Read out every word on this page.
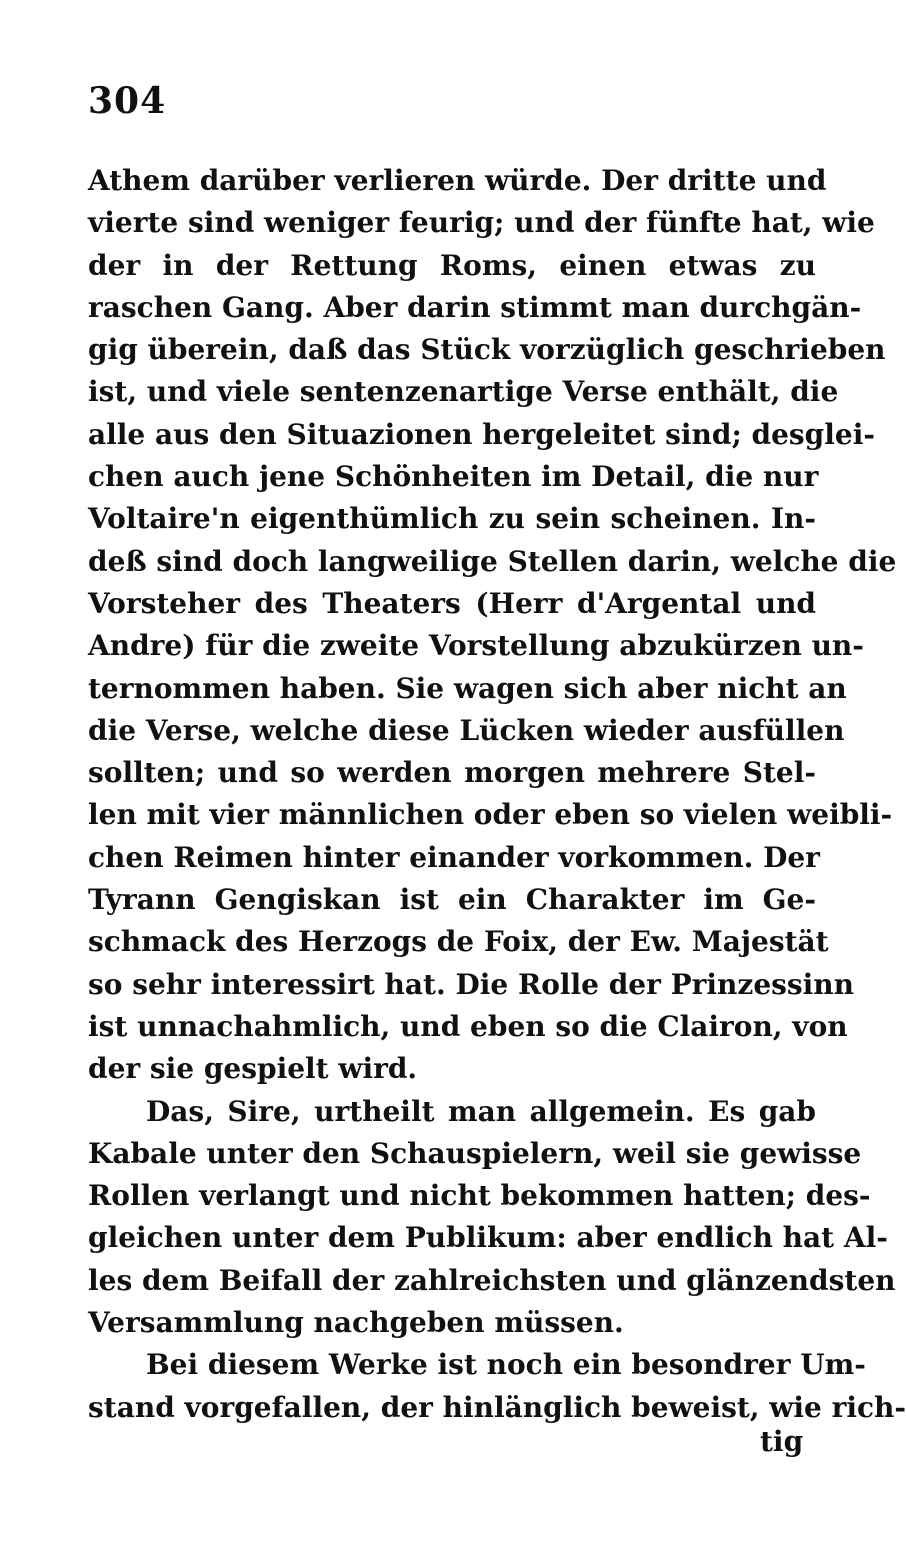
304
Athem darüber verlieren würde. Der dritte und
vierte sind weniger feurig; und der fünfte hat, wie
der in der Rettung Roms, einen etwas zu
raschen Gang. Aber darin stimmt man durchgän-
gig überein, daß das Stück vorzüglich geschrieben
ist, und viele sentenzenartige Verse enthält, die
alle aus den Situazionen hergeleitet sind; desglei-
chen auch jene Schönheiten im Detail, die nur
Voltaire'n eigenthümlich zu sein scheinen. In-
deß sind doch langweilige Stellen darin, welche die
Vorsteher des Theaters (Herr d'Argental und
Andre) für die zweite Vorstellung abzukürzen un-
ternommen haben. Sie wagen sich aber nicht an
die Verse, welche diese Lücken wieder ausfüllen
sollten; und so werden morgen mehrere Stel-
len mit vier männlichen oder eben so vielen weibli-
chen Reimen hinter einander vorkommen. Der
Tyrann Gengiskan ist ein Charakter im Ge-
schmack des Herzogs de Foix, der Ew. Majestät
so sehr interessirt hat. Die Rolle der Prinzessinn
ist unnachahmlich, und eben so die Clairon, von
der sie gespielt wird.
Das, Sire, urtheilt man allgemein. Es gab
Kabale unter den Schauspielern, weil sie gewisse
Rollen verlangt und nicht bekommen hatten; des-
gleichen unter dem Publikum: aber endlich hat Al-
les dem Beifall der zahlreichsten und glänzendsten
Versammlung nachgeben müssen.
Bei diesem Werke ist noch ein besondrer Um-
stand vorgefallen, der hinlänglich beweist, wie rich-
tig
